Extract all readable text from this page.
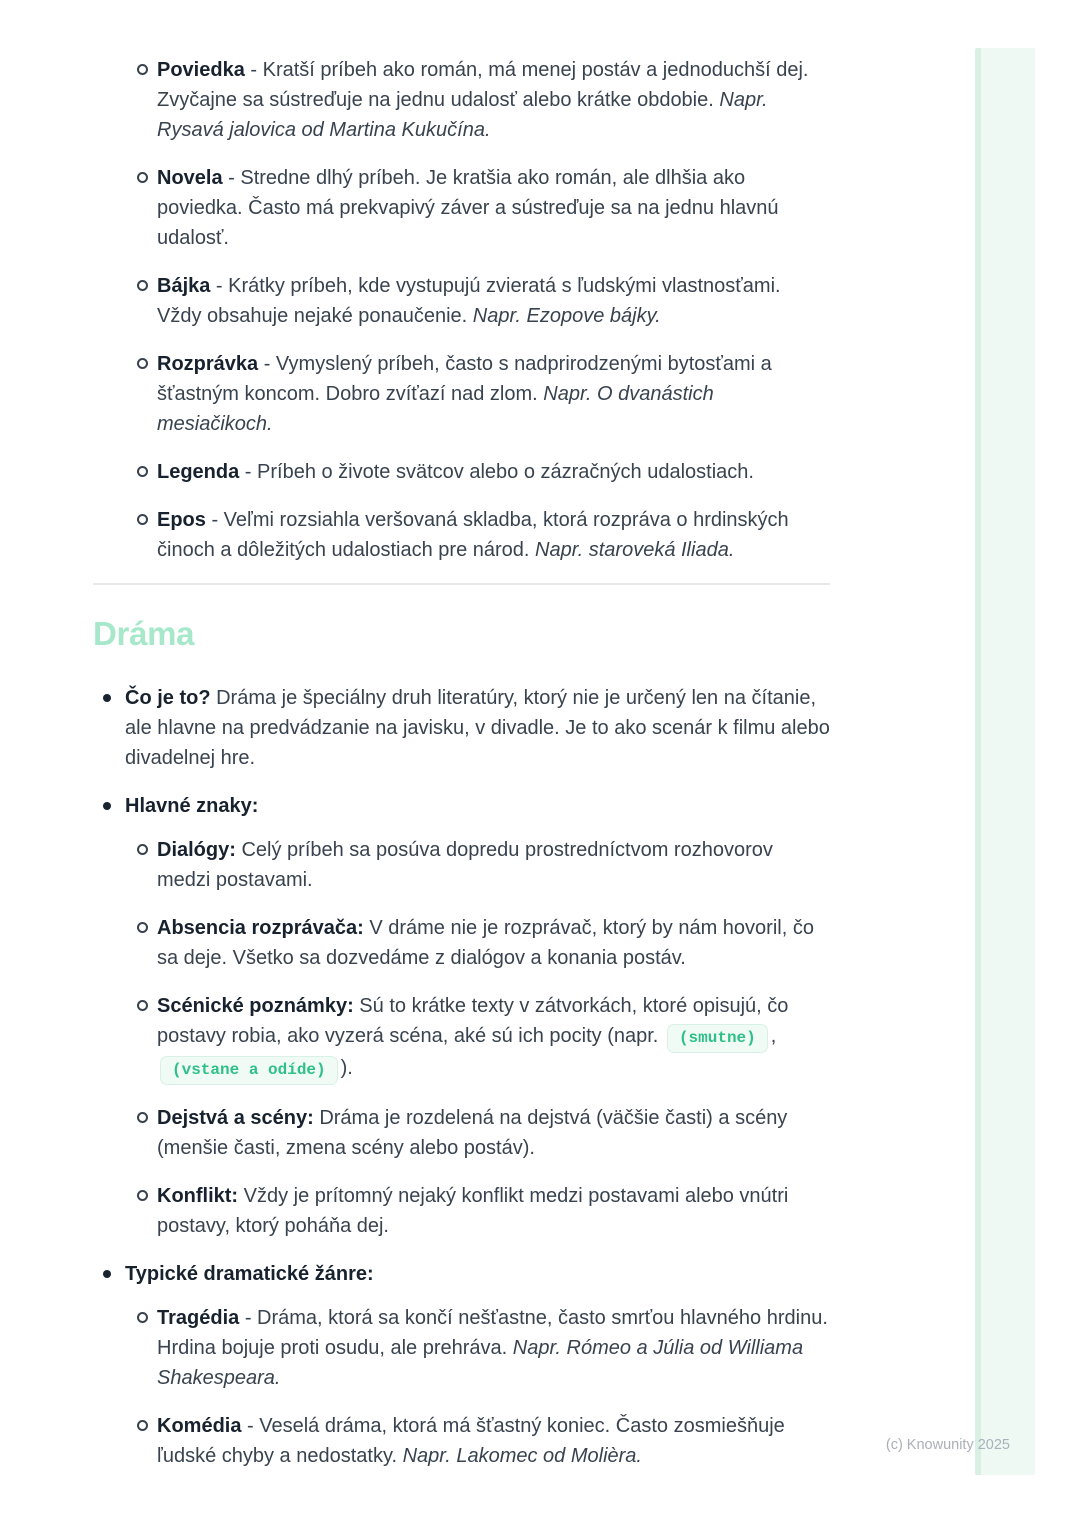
Poviedka - Kratší príbeh ako román, má menej postáv a jednoduchší dej. Zvyčajne sa sústreďuje na jednu udalosť alebo krátke obdobie. Napr. Rysavá jalovica od Martina Kukučína.
Novela - Stredne dlhý príbeh. Je kratšia ako román, ale dlhšia ako poviedka. Často má prekvapivý záver a sústreďuje sa na jednu hlavnú udalosť.
Bájka - Krátky príbeh, kde vystupujú zvieratá s ľudskými vlastnosťami. Vždy obsahuje nejaké ponaučenie. Napr. Ezopove bájky.
Rozprávka - Vymyslený príbeh, často s nadprirodzenými bytosťami a šťastným koncom. Dobro zvíťazí nad zlom. Napr. O dvanástich mesiačikoch.
Legenda - Príbeh o živote svätcov alebo o zázračných udalostiach.
Epos - Veľmi rozsiahla veršovaná skladba, ktorá rozpráva o hrdinských činoch a dôležitých udalostiach pre národ. Napr. staroveká Iliada.
Dráma
Čo je to? Dráma je špeciálny druh literatúry, ktorý nie je určený len na čítanie, ale hlavne na predvádzanie na javisku, v divadle. Je to ako scenár k filmu alebo divadelnej hre.
Hlavné znaky:
Dialógy: Celý príbeh sa posúva dopredu prostredníctvom rozhovorov medzi postavami.
Absencia rozprávača: V dráme nie je rozprávač, ktorý by nám hovoril, čo sa deje. Všetko sa dozvedáme z dialógov a konania postáv.
Scénické poznámky: Sú to krátke texty v zátvorkách, ktoré opisujú, čo postavy robia, ako vyzerá scéna, aké sú ich pocity (napr. (smutne) , (vstane a odíde) ).
Dejstvá a scény: Dráma je rozdelená na dejstvá (väčšie časti) a scény (menšie časti, zmena scény alebo postáv).
Konflikt: Vždy je prítomný nejaký konflikt medzi postavami alebo vnútri postavy, ktorý poháňa dej.
Typické dramatické žánre:
Tragédia - Dráma, ktorá sa končí nešťastne, často smrťou hlavného hrdinu. Hrdina bojuje proti osudu, ale prehráva. Napr. Rómeo a Júlia od Williama Shakespeara.
Komédia - Veselá dráma, ktorá má šťastný koniec. Často zosmiešňuje ľudské chyby a nedostatky. Napr. Lakomec od Molièra.	(c) Knowunity 2025
